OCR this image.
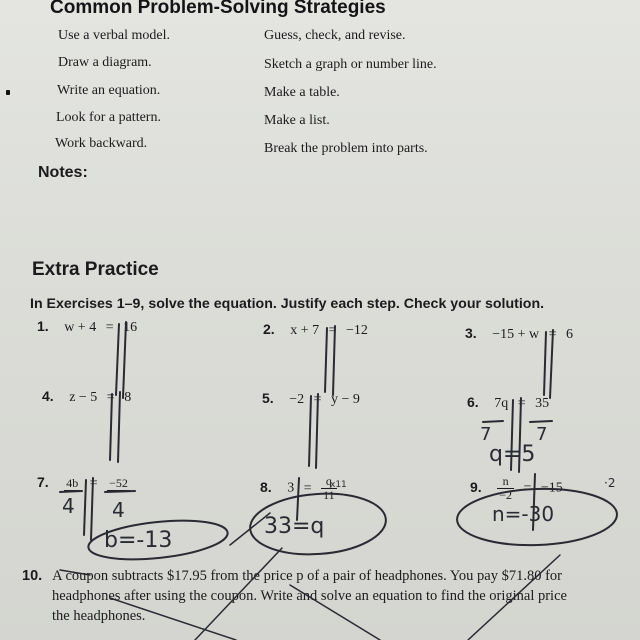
Common Problem-Solving Strategies
Use a verbal model.
Draw a diagram.
Write an equation.
Look for a pattern.
Work backward.
Guess, check, and revise.
Sketch a graph or number line.
Make a table.
Make a list.
Break the problem into parts.
Notes:
Extra Practice
In Exercises 1–9, solve the equation. Justify each step. Check your solution.
1. w + 4 = 16	2. x + 7 = −12	3. −15 + w = 6
4. z − 5 = 8	5. −2 = y − 9	6. 7q = 35
7. 4b = −52	8. $3 = \frac{q}{11}$	9. $\frac{n}{-2} = -15$
10. A coupon subtracts $17.95 from the price p of a pair of headphones. You pay $71.80 for
headphones after using the coupon. Write and solve an equation to find the original price
the headphones.
7 7
q=5
4 4
b=-13
33=q
x11
n=-30
·2
